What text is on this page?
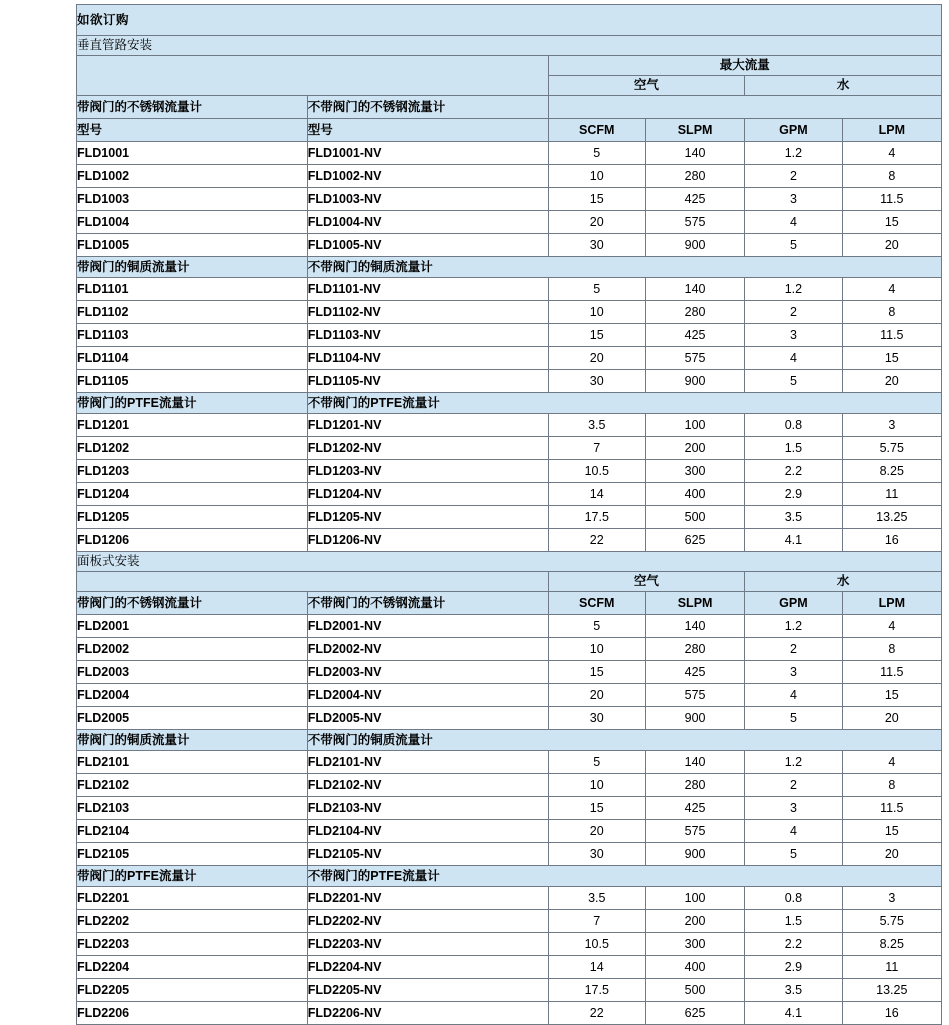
如欲订购					
垂直管路安装					
		最大流量			
		空气		水	
带阀门的不锈钢流量计	不带阀门的不锈钢流量计				
型号	型号	SCFM	SLPM	GPM	LPM
FLD1001	FLD1001-NV	5	140	1.2	4
FLD1002	FLD1002-NV	10	280	2	8
FLD1003	FLD1003-NV	15	425	3	11.5
FLD1004	FLD1004-NV	20	575	4	15
FLD1005	FLD1005-NV	30	900	5	20
带阀门的铜质流量计	不带阀门的铜质流量计				
FLD1101	FLD1101-NV	5	140	1.2	4
FLD1102	FLD1102-NV	10	280	2	8
FLD1103	FLD1103-NV	15	425	3	11.5
FLD1104	FLD1104-NV	20	575	4	15
FLD1105	FLD1105-NV	30	900	5	20
带阀门的PTFE流量计	不带阀门的PTFE流量计				
FLD1201	FLD1201-NV	3.5	100	0.8	3
FLD1202	FLD1202-NV	7	200	1.5	5.75
FLD1203	FLD1203-NV	10.5	300	2.2	8.25
FLD1204	FLD1204-NV	14	400	2.9	11
FLD1205	FLD1205-NV	17.5	500	3.5	13.25
FLD1206	FLD1206-NV	22	625	4.1	16
面板式安装					
		空气		水	
带阀门的不锈钢流量计	不带阀门的不锈钢流量计	SCFM	SLPM	GPM	LPM
FLD2001	FLD2001-NV	5	140	1.2	4
FLD2002	FLD2002-NV	10	280	2	8
FLD2003	FLD2003-NV	15	425	3	11.5
FLD2004	FLD2004-NV	20	575	4	15
FLD2005	FLD2005-NV	30	900	5	20
带阀门的铜质流量计	不带阀门的铜质流量计				
FLD2101	FLD2101-NV	5	140	1.2	4
FLD2102	FLD2102-NV	10	280	2	8
FLD2103	FLD2103-NV	15	425	3	11.5
FLD2104	FLD2104-NV	20	575	4	15
FLD2105	FLD2105-NV	30	900	5	20
带阀门的PTFE流量计	不带阀门的PTFE流量计				
FLD2201	FLD2201-NV	3.5	100	0.8	3
FLD2202	FLD2202-NV	7	200	1.5	5.75
FLD2203	FLD2203-NV	10.5	300	2.2	8.25
FLD2204	FLD2204-NV	14	400	2.9	11
FLD2205	FLD2205-NV	17.5	500	3.5	13.25
FLD2206	FLD2206-NV	22	625	4.1	16
